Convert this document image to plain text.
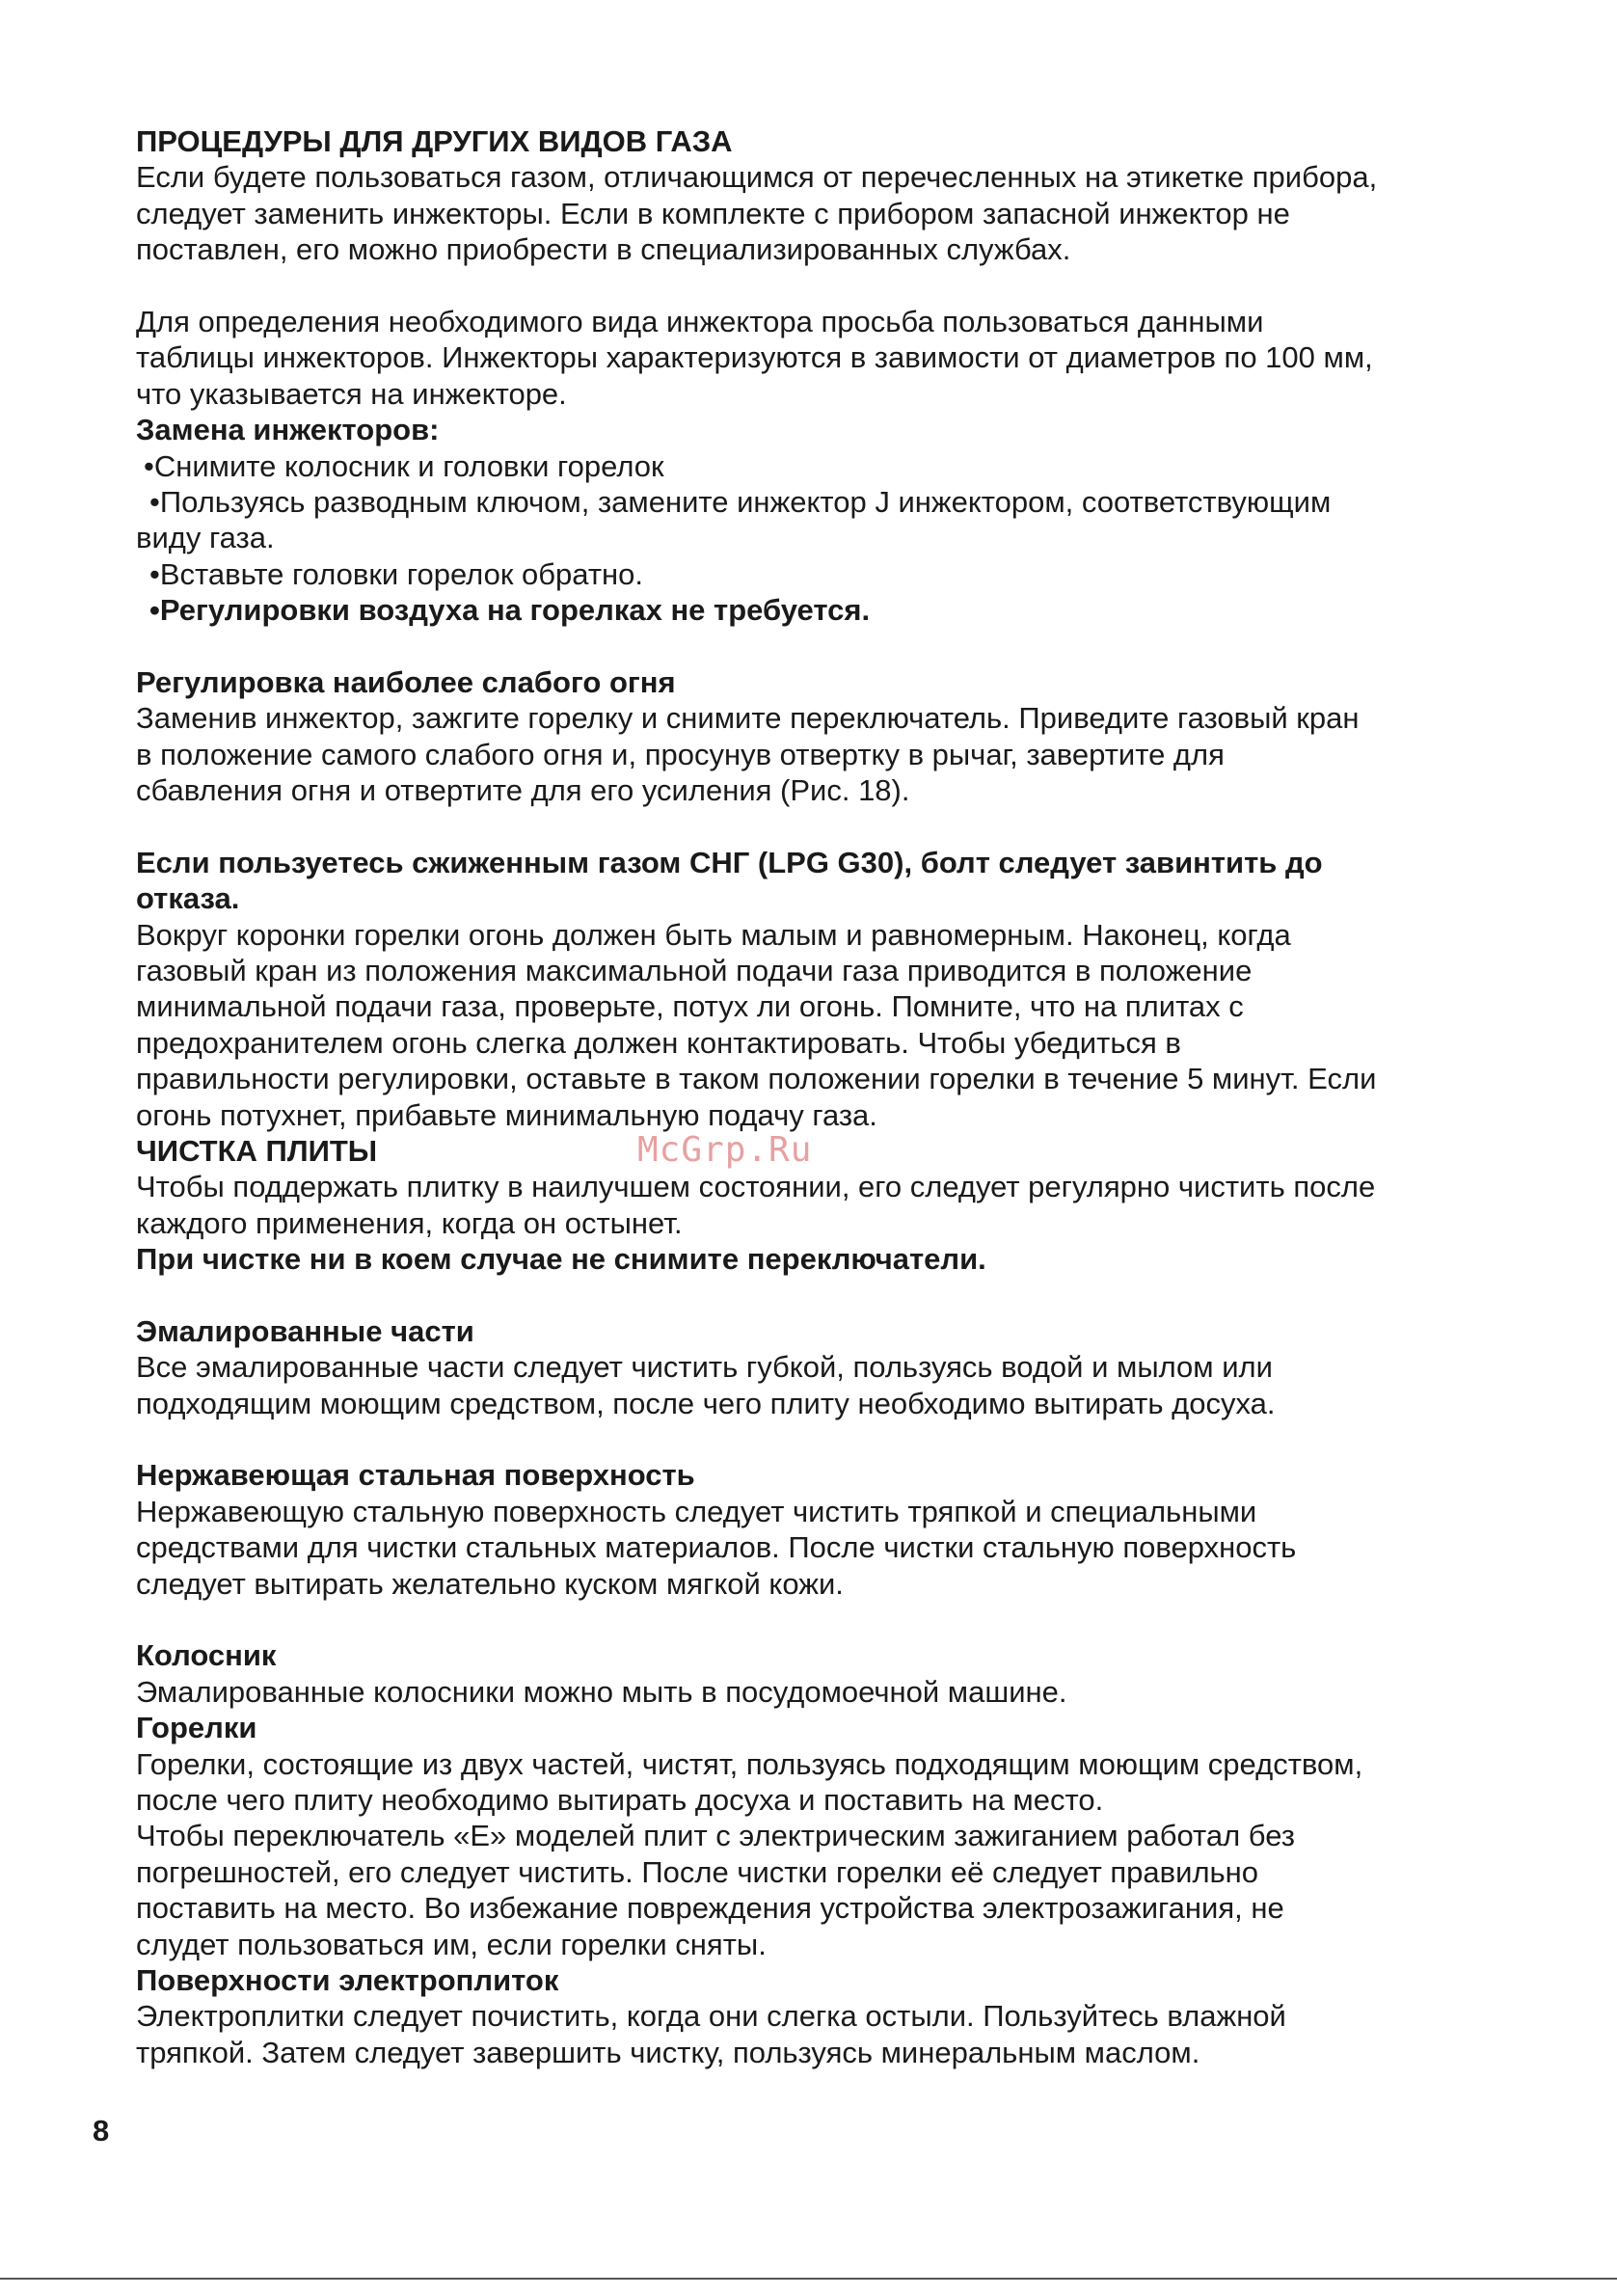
ПРОЦЕДУРЫ ДЛЯ ДРУГИХ ВИДОВ ГАЗА
Если будете пользоваться газом, отличающимся от перечесленных на этикетке прибора,
следует заменить инжекторы. Если в комплекте с прибором запасной инжектор не
поставлен, его можно приобрести в специализированных службах.
Для определения необходимого вида инжектора просьба пользоваться данными
таблицы инжекторов. Инжекторы характеризуются в завимости от диаметров по 100 мм,
что указывается на инжекторе.
Замена инжекторов:
•Снимите колосник и головки горелок
•Пользуясь разводным ключом, замените инжектор J инжектором, соответствующим
виду газа.
•Вставьте головки горелок обратно.
•Регулировки воздуха на горелках не требуется.
Регулировка наиболее слабого огня
Заменив инжектор, зажгите горелку и снимите переключатель. Приведите газовый кран
в положение самого слабого огня и, просунув отвертку в рычаг, завертите для
сбавления огня и отвертите для его усиления (Рис. 18).
Если пользуетесь сжиженным газом СНГ (LPG G30), болт следует завинтить до
отказа.
Вокруг коронки горелки огонь должен быть малым и равномерным. Наконец, когда
газовый кран из положения максимальной подачи газа приводится в положение
минимальной подачи газа, проверьте, потух ли огонь. Помните, что на плитах с
предохранителем огонь слегка должен контактировать. Чтобы убедиться в
правильности регулировки, оставьте в таком положении горелки в течение 5 минут. Если
огонь потухнет, прибавьте минимальную подачу газа.
ЧИСТКА ПЛИТЫ
Чтобы поддержать плитку в наилучшем состоянии, его следует регулярно чистить после
каждого применения, когда он остынет.
При чистке ни в коем случае не снимите переключатели.
Эмалированные части
Все эмалированные части следует чистить губкой, пользуясь водой и мылом или
подходящим моющим средством, после чего плиту необходимо вытирать досуха.
Нержавеющая стальная поверхность
Нержавеющую стальную поверхность следует чистить тряпкой и специальными
средствами для чистки стальных материалов. После чистки стальную поверхность
следует вытирать желательно куском мягкой кожи.
Колосник
Эмалированные колосники можно мыть в посудомоечной машине.
Горелки
Горелки, состоящие из двух частей, чистят, пользуясь подходящим моющим средством,
после чего плиту необходимо вытирать досуха и поставить на место.
Чтобы переключатель «Е» моделей плит с электрическим зажиганием работал без
погрешностей, его следует чистить. После чистки горелки её следует правильно
поставить на место. Во избежание повреждения устройства электрозажигания, не
слудет пользоваться им, если горелки сняты.
Поверхности электроплиток
Электроплитки следует почистить, когда они слегка остыли. Пользуйтесь влажной
тряпкой. Затем следует завершить чистку, пользуясь минеральным маслом.
McGrp.Ru
8
